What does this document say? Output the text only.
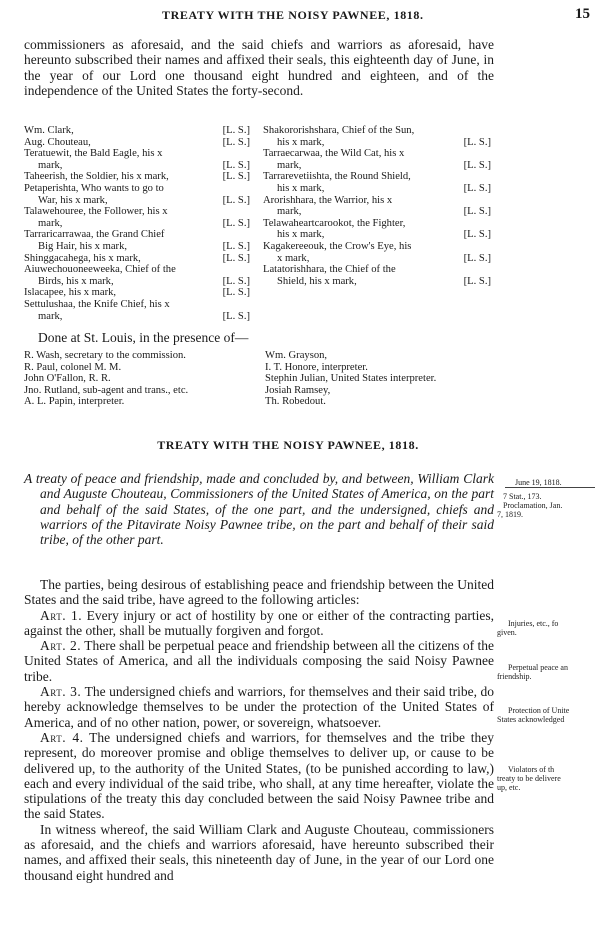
TREATY WITH THE NOISY PAWNEE, 1818.	15

commissioners as aforesaid, and the said chiefs and warriors as aforesaid, have hereunto subscribed their names and affixed their seals, this eighteenth day of June, in the year of our Lord one thousand eight hundred and eighteen, and of the independence of the United States the forty-second.

Wm. Clark,	[L. S.]
Aug. Chouteau,	[L. S.]
Teratuewit, the Bald Eagle, his x
mark,	[L. S.]
Taheerish, the Soldier, his x mark,	[L. S.]
Petaperishta, Who wants to go to
War, his x mark,	[L. S.]
Talawehouree, the Follower, his x
mark,	[L. S.]
Tarraricarrawaa, the Grand Chief
Big Hair, his x mark,	[L. S.]
Shinggacahega, his x mark,	[L. S.]
Aiuwechouoneeweeka, Chief of the
Birds, his x mark,	[L. S.]
Islacapee, his x mark,	[L. S.]
Settulushaa, the Knife Chief, his x
mark,	[L. S.]
Shakororishshara, Chief of the Sun,
his x mark,	[L. S.]
Tarraecarwaa, the Wild Cat, his x
mark,	[L. S.]
Tarrarevetiishta, the Round Shield,
his x mark,	[L. S.]
Arorishhara, the Warrior, his x
mark,	[L. S.]
Telawaheartcarookot, the Fighter,
his x mark,	[L. S.]
Kagakereeouk, the Crow's Eye, his
x mark,	[L. S.]
Latatorishhara, the Chief of the
Shield, his x mark,	[L. S.]
Done at St. Louis, in the presence of—
R. Wash, secretary to the commission.
R. Paul, colonel M. M.
John O'Fallon, R. R.
Jno. Rutland, sub-agent and trans., etc.
A. L. Papin, interpreter.
Wm. Grayson,
I. T. Honore, interpreter.
Stephin Julian, United States interpreter.
Josiah Ramsey,
Th. Robedout.
TREATY WITH THE NOISY PAWNEE, 1818.

A treaty of peace and friendship, made and concluded by, and between, William Clark and Auguste Chouteau, Commissioners of the United States of America, on the part and behalf of the said States, of the one part, and the undersigned, chiefs and warriors of the Pitavirate Noisy Pawnee tribe, on the part and behalf of their said tribe, of the other part.

June 19, 1818.
7 Stat., 173.
Proclamation, Jan.
7, 1819.
Injuries, etc., fo
given.
Perpetual peace an
friendship.
Protection of Unite
States acknowledged
Violators of th
treaty to be delivere
up, etc.

The parties, being desirous of establishing peace and friendship between the United States and the said tribe, have agreed to the following articles:

Art. 1. Every injury or act of hostility by one or either of the contracting parties, against the other, shall be mutually forgiven and forgot.

Art. 2. There shall be perpetual peace and friendship between all the citizens of the United States of America, and all the individuals composing the said Noisy Pawnee tribe.

Art. 3. The undersigned chiefs and warriors, for themselves and their said tribe, do hereby acknowledge themselves to be under the protection of the United States of America, and of no other nation, power, or sovereign, whatsoever.

Art. 4. The undersigned chiefs and warriors, for themselves and the tribe they represent, do moreover promise and oblige themselves to deliver up, or cause to be delivered up, to the authority of the United States, (to be punished according to law,) each and every individual of the said tribe, who shall, at any time hereafter, violate the stipulations of the treaty this day concluded between the said Noisy Pawnee tribe and the said States.

In witness whereof, the said William Clark and Auguste Chouteau, commissioners as aforesaid, and the chiefs and warriors aforesaid, have hereunto subscribed their names, and affixed their seals, this nineteenth day of June, in the year of our Lord one thousand eight hundred and
